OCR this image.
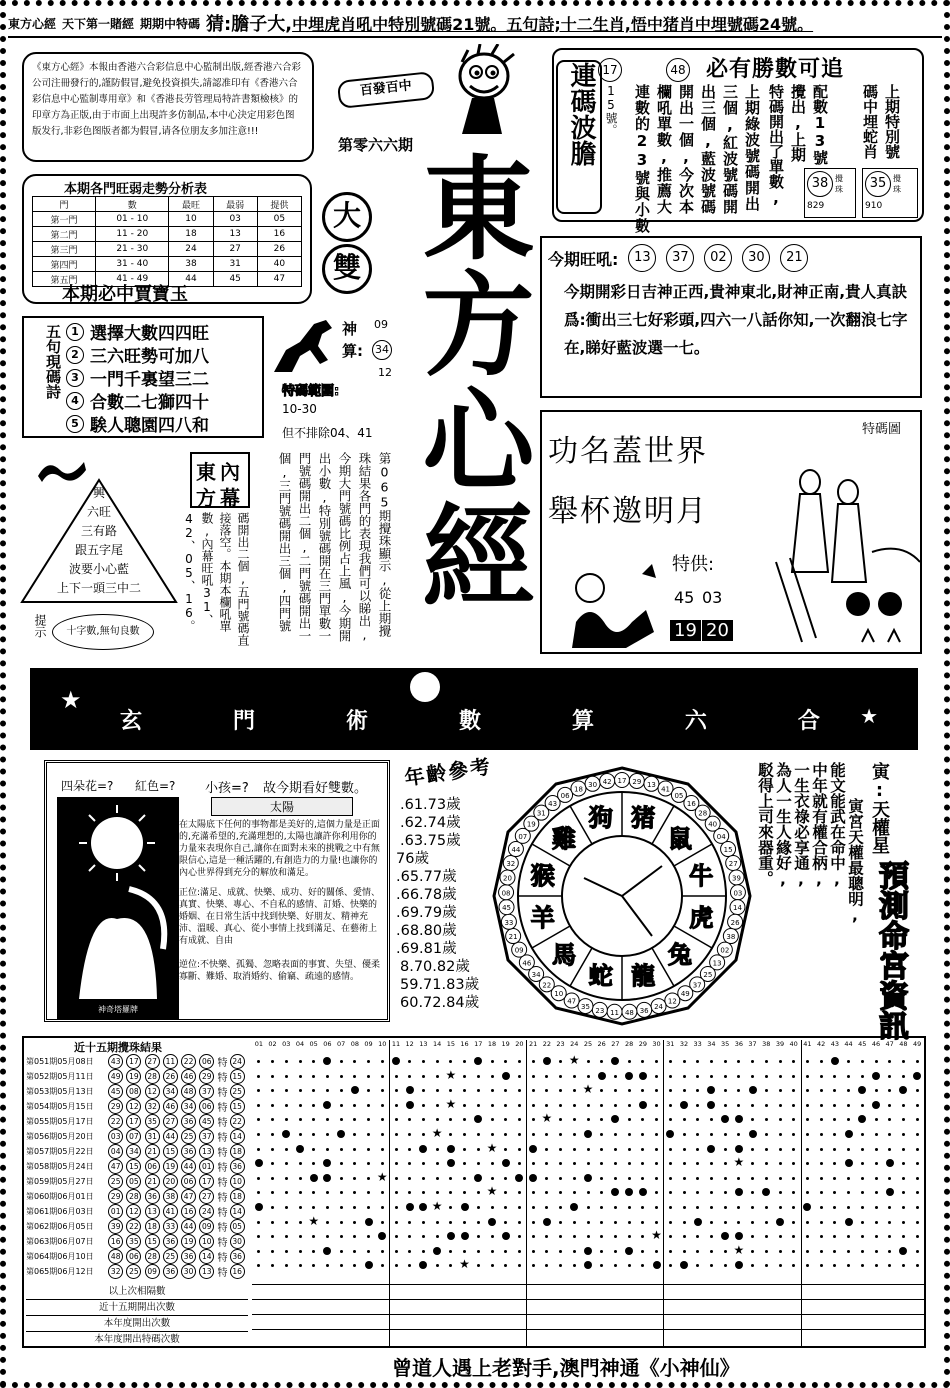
東方心經 天下第一賭經 期期中特碼 猜: 膽子大, 中埋虎肖吼中特別號碼21號。五句詩;十二生肖,悟中猪肖中埋號碼24號。
《東方心經》本報由香港六合彩信息中心監制出版,經香港六合彩公司注冊發行的,謹防假冒,避免投資損失,請認准印有《香港六合彩信息中心監制專用章》和《香港長劳管理局特許書類檢核》的印章方為正版,由于市面上出現許多仿制品,本中心決定用彩色图版发行,非彩色图版者都为假冒,请各位朋友多加注意!!!
百發百中
第零六六期
本期各門旺弱走勢分析表
門	數	最旺	最弱	提供
第一門	01 - 10	10	03	05
第二門	11 - 20	18	13	16
第三門	21 - 30	24	27	26
第四門	31 - 40	38	31	40
第五門	41 - 49	44	45	47
本期必中賈寶玉
大
雙 東方心經
連碼波膽 17
15號。
48
連數的23號與小數 欄吼單數,推薦大 開出一個,今次本 出三個,藍波號碼 三個,紅波號碼開 上期綠波號碼開出
必有勝數可追
特碼開出了單數, 攪出,上期 配數13號 碼中埋蛇肖 上期特別號
38 攪珠
829
35 攪珠
910
今期旺吼:	13	37	02	30	21
今期開彩日吉神正西,貴神東北,財神正南,貴人真訣爲:衝出三七好彩頭,四六一八話你知,一次翻浪七字在,睇好藍波選一七。
五句現碼詩 1 選擇大數四四旺
2 三六旺勢可加八
3 一門千裏望三二
4 合數二七獅四十
5 騃人聰園四八和
神算:
09
34
12
特碼範圍:
10-30
但不排除04、41
興
六旺
三有路
跟五字尾
波要小心藍
上下一頭三中二
提示	十字數,無旬良數
東內
方幕	第065期攪珠顯示,從上期攪珠結果各門的表現我們可以睇出,今期大門號碼比例占上風,今期開出小數,特別號碼開在三門單數一門號碼開出二個,二門號碼開出一個,三門號碼開出三個,四門號
碼開出二個,五門號碼直接落空。本期本欄吼單數,內幕旺吼31、42、05、16。
功名蓋世界
舉杯邀明月
特供:
45 03
19 20
特碼圖
玄	門	術	數	算	六	合
★
★
四朵花=? 紅色=? 小孩=? 故今期看好雙數。
神奇塔羅牌
太陽
在太陽底下任何的事物都是美好的,這個力量是正面的,充滿希望的,充滿理想的,太陽也讓許你利用你的力量來表現你自己,讓你在面對未來的挑戰之中有無限信心,這是一種活躍的,有創造力的力量!也讓你的內心世界得到充分的解放和滿足。
正位:滿足、成就、快樂、成功、好的關係、愛情、真實、快樂、專心、不自私的感情、訂婚、快樂的婚姻、在日常生活中找到快樂、好朋友、精神充沛、溫暖、真心、從小事情上找到滿足、在藝術上有成就、自由
逆位:不快樂、孤獨、忽略表面的事實、失望、優柔寡斷、難婚、取消婚約、偷竊、疏遠的感情。
年齡參考
.61.73歲
.62.74歲
.63.75歲
76歲
.65.77歲
.66.78歲
.69.79歲
.68.80歲
.69.81歲
8.70.82歲
59.71.83歲
60.72.84歲
17 29 13
41
05
16
28
40
04
15
27
39
03
14
26
38
02
13
25
37
49
12
24
36
48
11
23
35
47
10
22
34
46
09
21
33
45
08
20
32
44
07
19
31
43
06
18
30 42
猪
鼠
牛
虎
兔
龍
蛇
馬
羊
猴
雞
狗
寅:
天權星
預測命宮資訊
寅宮天權最聰明,
能文能武在命中,
中年就有權合柄,
一生衣祿必享通,
為人一生人緣好,
駁得上司來器重。
近十五期攪珠結果
第051期05月08日	43	17	27	11	22	06	特	24
第052期05月11日	49	19	28	26	46	29	特	15
第053期05月13日	45	08	12	34	48	37	特	25
第054期05月15日	29	12	32	46	34	06	特	15
第055期05月17日	22	17	35	27	36	45	特	22
第056期05月20日	03	07	31	44	25	37	特	14
第057期05月22日	04	34	21	15	36	13	特	18
第058期05月24日	47	15	06	19	44	01	特	36
第059期05月27日	25	05	21	20	06	17	特	10
第060期06月01日	29	28	36	38	47	27	特	18
第061期06月03日	01	12	13	41	16	24	特	14
第062期06月05日	39	22	18	33	44	09	特	05
第063期06月07日	16	35	15	36	19	10	特	30
第064期06月10日	48	06	28	25	36	14	特	36
第065期06月12日	32	25	09	36	30	13	特	16
以上次相隔數
近十五期開出次數
本年度開出次數
本年度開出特碼次數
01 02 03 04 05 06 07 08 09 10 11 12 13 14 15 16 17 18 19 20 21 22 23 24 25 26 27 28 29 30 31 32 33 34 35 36 37 38 39 40 41 42 43 44 45 46 47 48 49
★
★
★
★
★
★
★
★
★
★
★
★
★
★
★
曾道人遇上老對手,澳門神通《小神仙》
